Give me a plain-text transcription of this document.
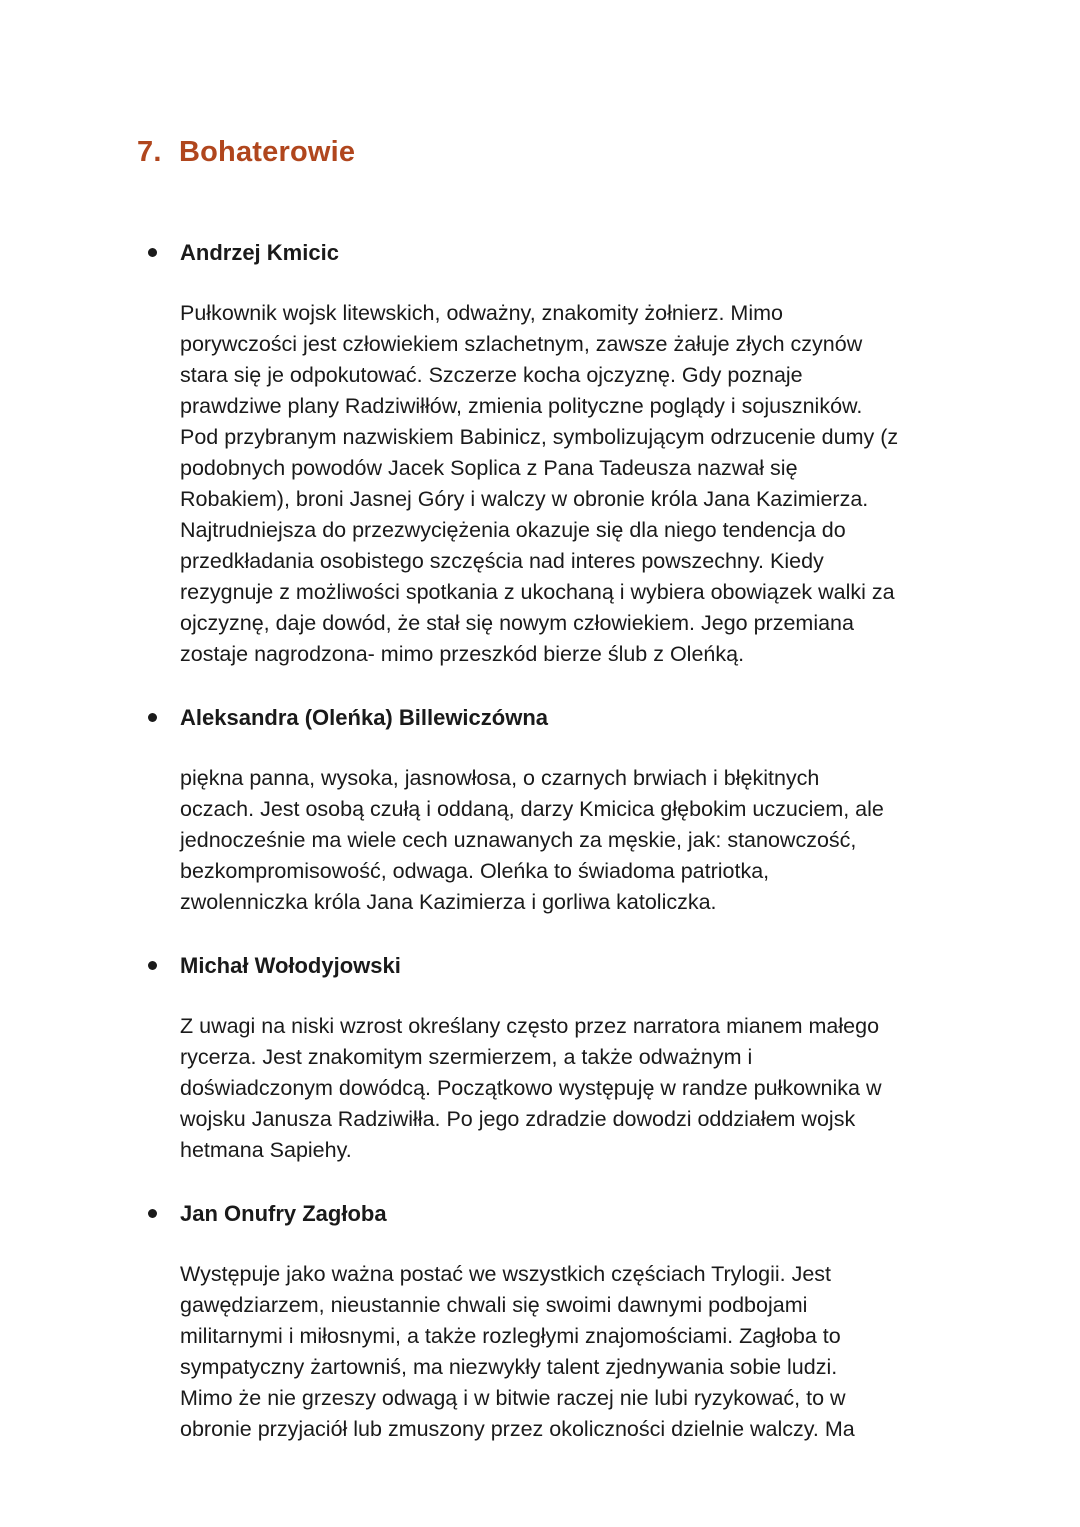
7. Bohaterowie
Andrzej Kmicic
Pułkownik wojsk litewskich, odważny, znakomity żołnierz. Mimo
porywczości jest człowiekiem szlachetnym, zawsze żałuje złych czynów
stara się je odpokutować. Szczerze kocha ojczyznę. Gdy poznaje
prawdziwe plany Radziwiłłów, zmienia polityczne poglądy i sojuszników.
Pod przybranym nazwiskiem Babinicz, symbolizującym odrzucenie dumy (z
podobnych powodów Jacek Soplica z Pana Tadeusza nazwał się
Robakiem), broni Jasnej Góry i walczy w obronie króla Jana Kazimierza.
Najtrudniejsza do przezwyciężenia okazuje się dla niego tendencja do
przedkładania osobistego szczęścia nad interes powszechny. Kiedy
rezygnuje z możliwości spotkania z ukochaną i wybiera obowiązek walki za
ojczyznę, daje dowód, że stał się nowym człowiekiem. Jego przemiana
zostaje nagrodzona- mimo przeszkód bierze ślub z Oleńką.
Aleksandra (Oleńka) Billewiczówna
piękna panna, wysoka, jasnowłosa, o czarnych brwiach i błękitnych
oczach. Jest osobą czułą i oddaną, darzy Kmicica głębokim uczuciem, ale
jednocześnie ma wiele cech uznawanych za męskie, jak: stanowczość,
bezkompromisowość, odwaga. Oleńka to świadoma patriotka,
zwolenniczka króla Jana Kazimierza i gorliwa katoliczka.
Michał Wołodyjowski
Z uwagi na niski wzrost określany często przez narratora mianem małego
rycerza. Jest znakomitym szermierzem, a także odważnym i
doświadczonym dowódcą. Początkowo występuję w randze pułkownika w
wojsku Janusza Radziwiłła. Po jego zdradzie dowodzi oddziałem wojsk
hetmana Sapiehy.
Jan Onufry Zagłoba
Występuje jako ważna postać we wszystkich częściach Trylogii. Jest
gawędziarzem, nieustannie chwali się swoimi dawnymi podbojami
militarnymi i miłosnymi, a także rozległymi znajomościami. Zagłoba to
sympatyczny żartowniś, ma niezwykły talent zjednywania sobie ludzi.
Mimo że nie grzeszy odwagą i w bitwie raczej nie lubi ryzykować, to w
obronie przyjaciół lub zmuszony przez okoliczności dzielnie walczy. Ma
